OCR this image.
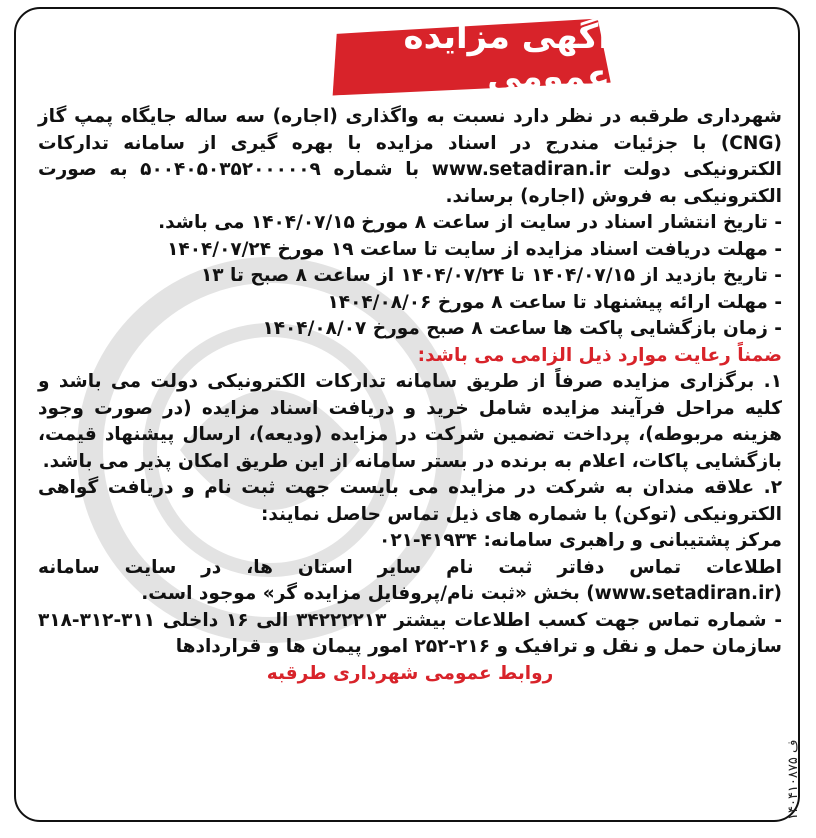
آگهی مزایده عمومی

شهرداری طرقبه در نظر دارد نسبت به واگذاری (اجاره) سه ساله جایگاه پمپ گاز (CNG) با جزئیات مندرج در اسناد مزایده با بهره گیری از سامانه تدارکات الکترونیکی دولت www.setadiran.ir با شماره ۵۰۰۴۰۵۰۳۵۲۰۰۰۰۰۹ به صورت الکترونیکی به فروش (اجاره) برساند.

- تاریخ انتشار اسناد در سایت از ساعت ۸ مورخ ۱۴۰۴/۰۷/۱۵ می باشد.

- مهلت دریافت اسناد مزایده از سایت تا ساعت ۱۹ مورخ ۱۴۰۴/۰۷/۲۴

- تاریخ بازدید از ۱۴۰۴/۰۷/۱۵ تا ۱۴۰۴/۰۷/۲۴ از ساعت ۸ صبح تا ۱۳

- مهلت ارائه پیشنهاد تا ساعت ۸ مورخ ۱۴۰۴/۰۸/۰۶

- زمان بازگشایی پاکت ها ساعت ۸ صبح مورخ ۱۴۰۴/۰۸/۰۷

ضمناً رعایت موارد ذیل الزامی می باشد:

۱. برگزاری مزایده صرفاً از طریق سامانه تدارکات الکترونیکی دولت می باشد و کلیه مراحل فرآیند مزایده شامل خرید و دریافت اسناد مزایده (در صورت وجود هزینه مربوطه)، پرداخت تضمین شرکت در مزایده (ودیعه)، ارسال پیشنهاد قیمت، بازگشایی پاکات، اعلام به برنده در بستر سامانه از این طریق امکان پذیر می باشد.

۲. علاقه مندان به شرکت در مزایده می بایست جهت ثبت نام و دریافت گواهی الکترونیکی (توکن) با شماره های ذیل تماس حاصل نمایند:

مرکز پشتیبانی و راهبری سامانه: ۴۱۹۳۴-۰۲۱

اطلاعات تماس دفاتر ثبت نام سایر استان ها، در سایت سامانه (www.setadiran.ir) بخش «ثبت نام/پروفایل مزایده گر» موجود است.

- شماره تماس جهت کسب اطلاعات بیشتر ۳۴۲۲۲۲۱۳ الی ۱۶ داخلی ۳۱۱-۳۱۲-۳۱۸ سازمان حمل و نقل و ترافیک و ۲۱۶-۲۵۲ امور پیمان ها و قراردادها

روابط عمومی شهرداری طرقبه

ف ۱۴۰۴۱۰۸۷۵
